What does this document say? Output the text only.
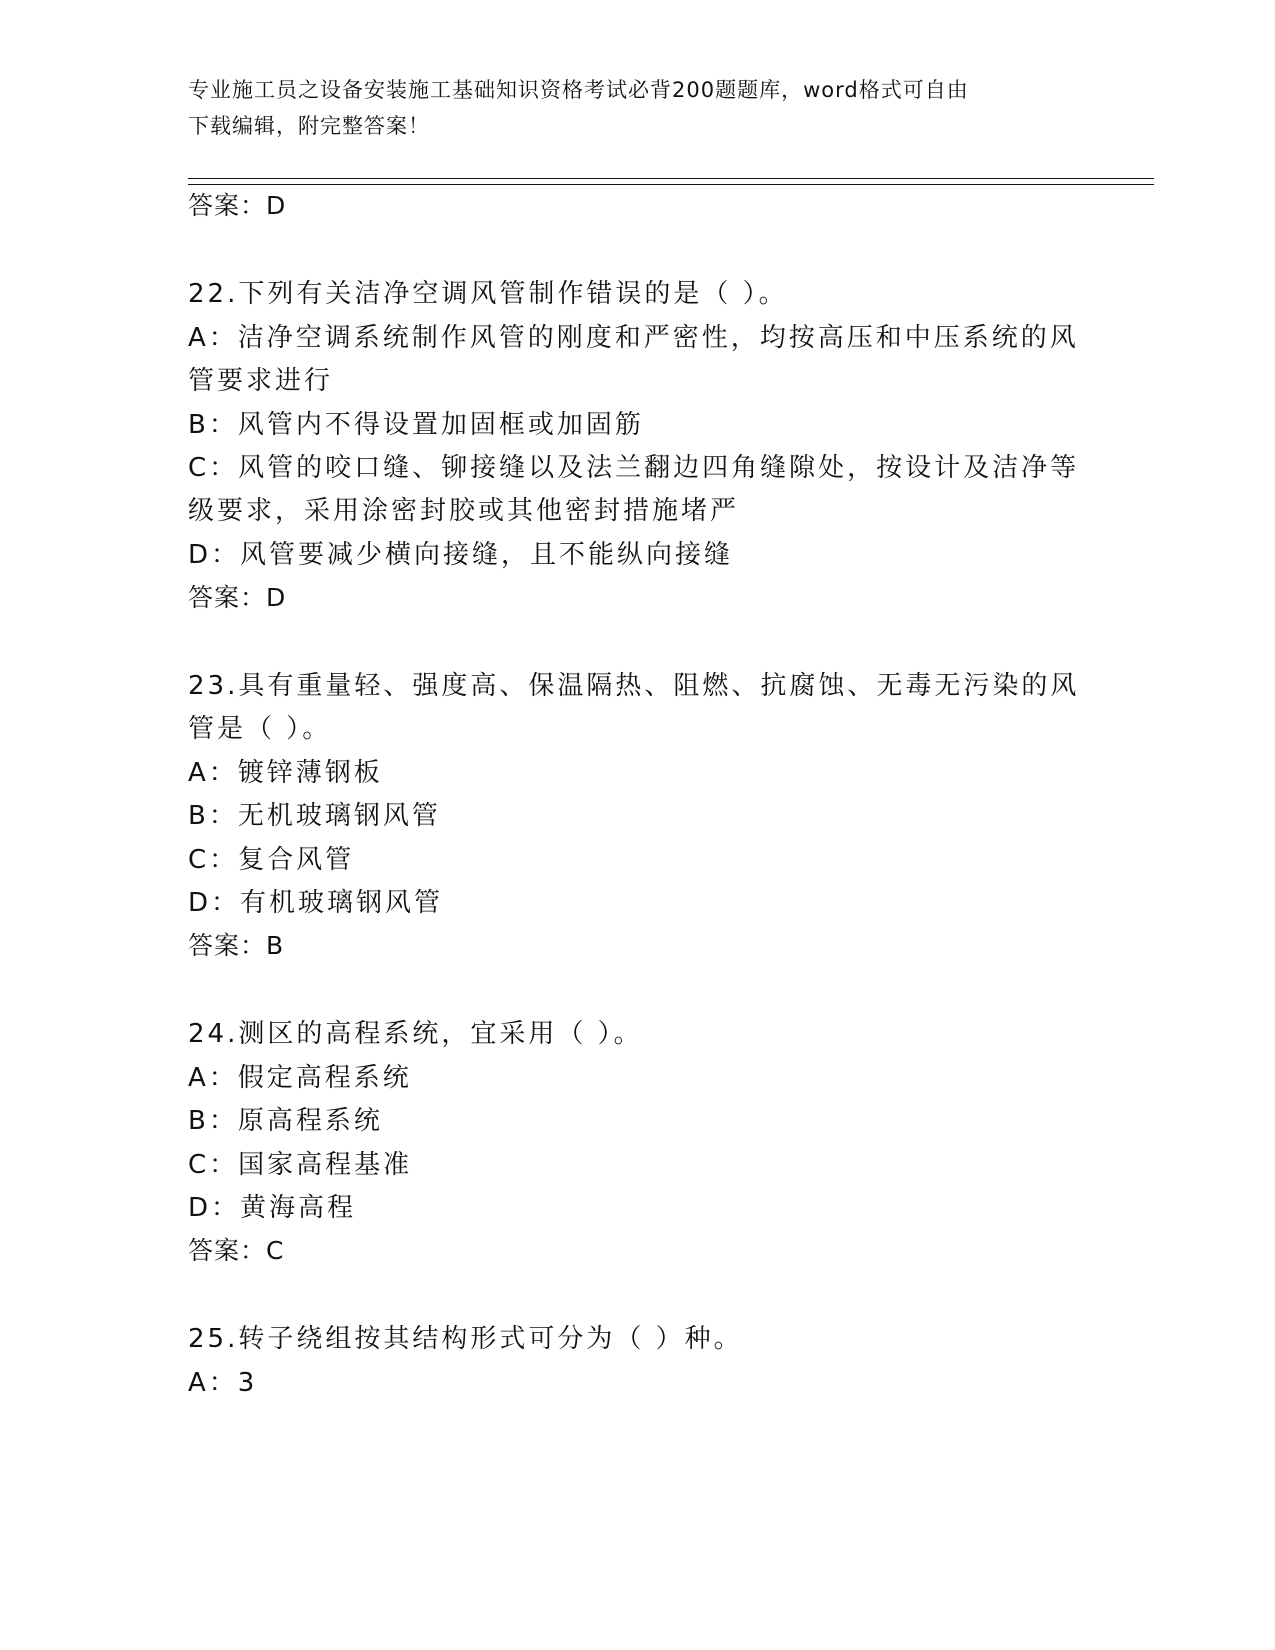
专业施工员之设备安装施工基础知识资格考试必背200题题库，word格式可自由
下载编辑，附完整答案！
答案：D
22.下列有关洁净空调风管制作错误的是（ ）。
A：洁净空调系统制作风管的刚度和严密性，均按高压和中压系统的风
管要求进行
B：风管内不得设置加固框或加固筋
C：风管的咬口缝、铆接缝以及法兰翻边四角缝隙处，按设计及洁净等
级要求，采用涂密封胶或其他密封措施堵严
D：风管要减少横向接缝，且不能纵向接缝
答案：D
23.具有重量轻、强度高、保温隔热、阻燃、抗腐蚀、无毒无污染的风
管是（ ）。
A：镀锌薄钢板
B：无机玻璃钢风管
C：复合风管
D：有机玻璃钢风管
答案：B
24.测区的高程系统，宜采用（ ）。
A：假定高程系统
B：原高程系统
C：国家高程基准
D：黄海高程
答案：C
25.转子绕组按其结构形式可分为（ ）种。
A：3
